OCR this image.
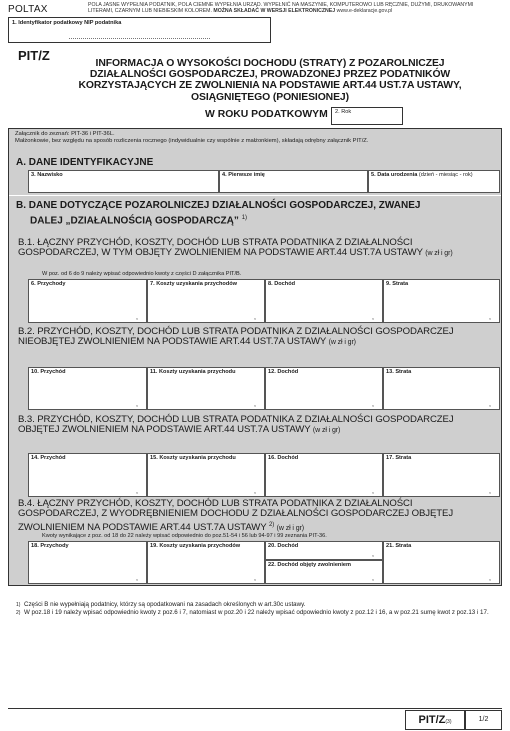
POLTAX	POLA JASNE WYPEŁNIA PODATNIK, POLA CIEMNE WYPEŁNIA URZĄD. WYPEŁNIĆ NA MASZYNIE, KOMPUTEROWO LUB RĘCZNIE, DUŻYMI, DRUKOWANYMI
LITERAMI, CZARNYM LUB NIEBIESKIM KOLOREM. MOŻNA SKŁADAĆ W WERSJI ELEKTRONICZNEJ www.e-deklaracje.gov.pl
1. Identyfikator podatkowy NIP podatnika
PIT/Z
INFORMACJA O WYSOKOŚCI DOCHODU (STRATY) Z POZAROLNICZEJ
DZIAŁALNOŚCI GOSPODARCZEJ, PROWADZONEJ PRZEZ PODATNIKÓW
KORZYSTAJĄCYCH ZE ZWOLNIENIA NA PODSTAWIE ART.44 UST.7A USTAWY,
OSIĄGNIĘTEGO (PONIESIONEJ)
W ROKU PODATKOWYM	2. Rok
Załącznik do zeznań: PIT-36 i PIT-36L.
Małżonkowie, bez względu na sposób rozliczenia rocznego (indywidualnie czy wspólnie z małżonkiem), składają odrębny załącznik PIT/Z.
A. DANE IDENTYFIKACYJNE
3. Nazwisko	4. Pierwsze imię	5. Data urodzenia (dzień - miesiąc - rok)
B. DANE DOTYCZĄCE POZAROLNICZEJ DZIAŁALNOŚCI GOSPODARCZEJ, ZWANEJ
DALEJ „DZIAŁALNOŚCIĄ GOSPODARCZĄ” $^{1)}$
B.1. ŁĄCZNY PRZYCHÓD, KOSZTY, DOCHÓD LUB STRATA PODATNIKA Z DZIAŁALNOŚCI GOSPODARCZEJ, W TYM OBJĘTY ZWOLNIENIEM NA PODSTAWIE ART.44 UST.7A USTAWY (w zł i gr)
W poz. od 6 do 9 należy wpisać odpowiednio kwoty z części D załącznika PIT/B.
6. Przychody
,
7. Koszty uzyskania przychodów
,
8. Dochód
,
9. Strata
,
B.2. PRZYCHÓD, KOSZTY, DOCHÓD LUB STRATA PODATNIKA Z DZIAŁALNOŚCI GOSPODARCZEJ NIEOBJĘTEJ ZWOLNIENIEM NA PODSTAWIE ART.44 UST.7A USTAWY (w zł i gr)
10. Przychód
,
11. Koszty uzyskania przychodu
,
12. Dochód
,
13. Strata
,
B.3. PRZYCHÓD, KOSZTY, DOCHÓD LUB STRATA PODATNIKA Z DZIAŁALNOŚCI GOSPODARCZEJ OBJĘTEJ ZWOLNIENIEM NA PODSTAWIE ART.44 UST.7A USTAWY (w zł i gr)
14. Przychód
,
15. Koszty uzyskania przychodu
,
16. Dochód
,
17. Strata
,
B.4. ŁĄCZNY PRZYCHÓD, KOSZTY, DOCHÓD LUB STRATA PODATNIKA Z DZIAŁALNOŚCI GOSPODARCZEJ, Z WYODRĘBNIENIEM DOCHODU Z DZIAŁALNOŚCI GOSPODARCZEJ OBJĘTEJ ZWOLNIENIEM NA PODSTAWIE ART.44 UST.7A USTAWY $^{2)}$ (w zł i gr)
Kwoty wynikające z poz. od 18 do 22 należy wpisać odpowiednio do poz.51-54 i 56 lub 94-97 i 99 zeznania PIT-36.
18. Przychody
,
19. Koszty uzyskania przychodów
,
20. Dochód
,
22. Dochód objęty zwolnieniem
,
21. Strata
,
1) Części B nie wypełniają podatnicy, którzy są opodatkowani na zasadach określonych w art.30c ustawy.
2) W poz.18 i 19 należy wpisać odpowiednio kwoty z poz.6 i 7, natomiast w poz.20 i 22 należy wpisać odpowiednio kwoty z poz.12 i 16, a w poz.21 sumę kwot z poz.13 i 17.
PIT/Z(3)	1/2
